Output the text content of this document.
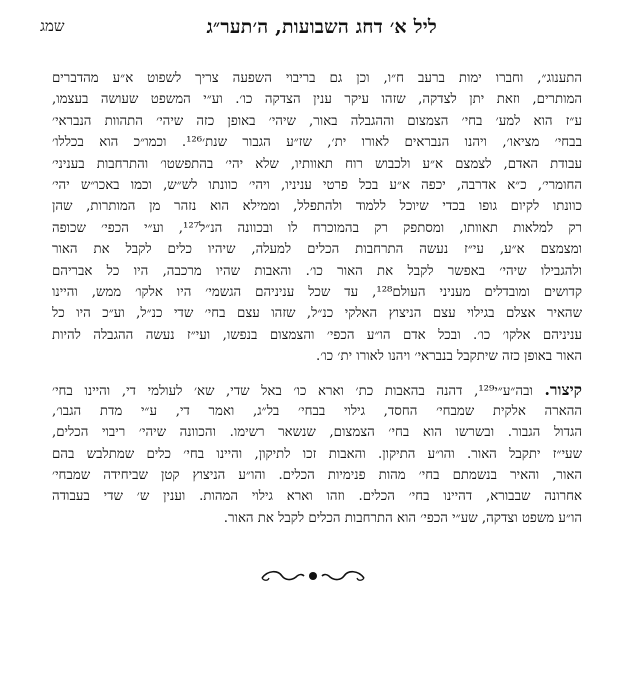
ליל א׳ דחג השבועות, ה׳תער״ג
שמג
התענוג״, וחברו ימות ברעב ח״ו, וכן גם בריבוי השפעה צריך לשפוט א״ע מהדברים
המותרים, וזאת יתן לצדקה, שזהו עיקר ענין הצדקה כו׳. וע״י המשפט שעושה בעצמו,
ע״ז הוא למע׳ בחי׳ הצמצום וההגבלה באור, שיהי׳ באופן כזה שיהי׳ התהוות הנבראי׳
בבחי׳ מציאו׳, ויהנו הנבראים לאורו ית׳, שז״ע הגבור שנת׳¹²⁶. וכמו״כ הוא בכללו׳
עבודת האדם, לצמצם א״ע ולכבוש רוח תאוותיו, שלא יהי׳ בהתפשטו׳ והתרחבות בעניני׳
החומרי׳, כ״א אדרבה, יכפה א״ע בכל פרטי עניניו, ויהי׳ כוונתו לש״ש, וכמו באכו״ש יהי׳
כוונתו לקיום גופו בכדי שיוכל ללמוד ולהתפלל, וממילא הוא נזהר מן המותרות, שהן
רק למלאות תאוותו, ומסתפק רק בהמוכרח לו ובכוונה הנ״ל¹²⁷, וע״י הכפי׳ שכופה
ומצמצם א״ע, עי״ז נעשה התרחבות הכלים למעלה, שיהיו כלים לקבל את האור
ולהגבילו שיהי׳ באפשר לקבל את האור כו׳. והאבות שהיו מרכבה, היו כל אבריהם
קדושים ומובדלים מעניני העולם¹²⁸, עד שכל עניניהם הגשמי׳ היו אלקו׳ ממש, והיינו
שהאיר אצלם בגילוי עצם הניצוץ האלקי כנ״ל, שזהו עצם בחי׳ שדי כנ״ל, וע״כ היו כל
עניניהם אלקו׳ כו׳. ובכל אדם הו״ע הכפי׳ והצמצום בנפשו, ועי״ז נעשה ההגבלה להיות
האור באופן כזה שיתקבל בנבראי׳ ויהנו לאורו ית׳ כו׳.
קיצור. ובה״ע״י¹²⁹, דהנה בהאבות כת׳ וארא כו׳ באל שדי, שא׳ לעולמי די, והיינו בחי׳
ההארה אלקית שמבחי׳ החסד, גילוי בבחי׳ בל״ג, ואמר די, ע״י מדת הגבו׳,
הגדול הגבור. ובשרשו הוא בחי׳ הצמצום, שנשאר רשימו. והכוונה שיהי׳ ריבוי הכלים,
שעי״ז יתקבל האור. והו״ע התיקון. והאבות זכו לתיקון, והיינו בחי׳ כלים שמתלבש בהם
האור, והאיר בנשמתם בחי׳ מהות פנימיות הכלים. והו״ע הניצוץ קטן שביחידה שמבחי׳
אחרונה שבבורא, דהיינו בחי׳ הכלים. וזהו וארא גילוי המהות. וענין ש׳ שדי בעבודה
הו״ע משפט וצדקה, שע״י הכפי׳ הוא התרחבות הכלים לקבל את האור.
